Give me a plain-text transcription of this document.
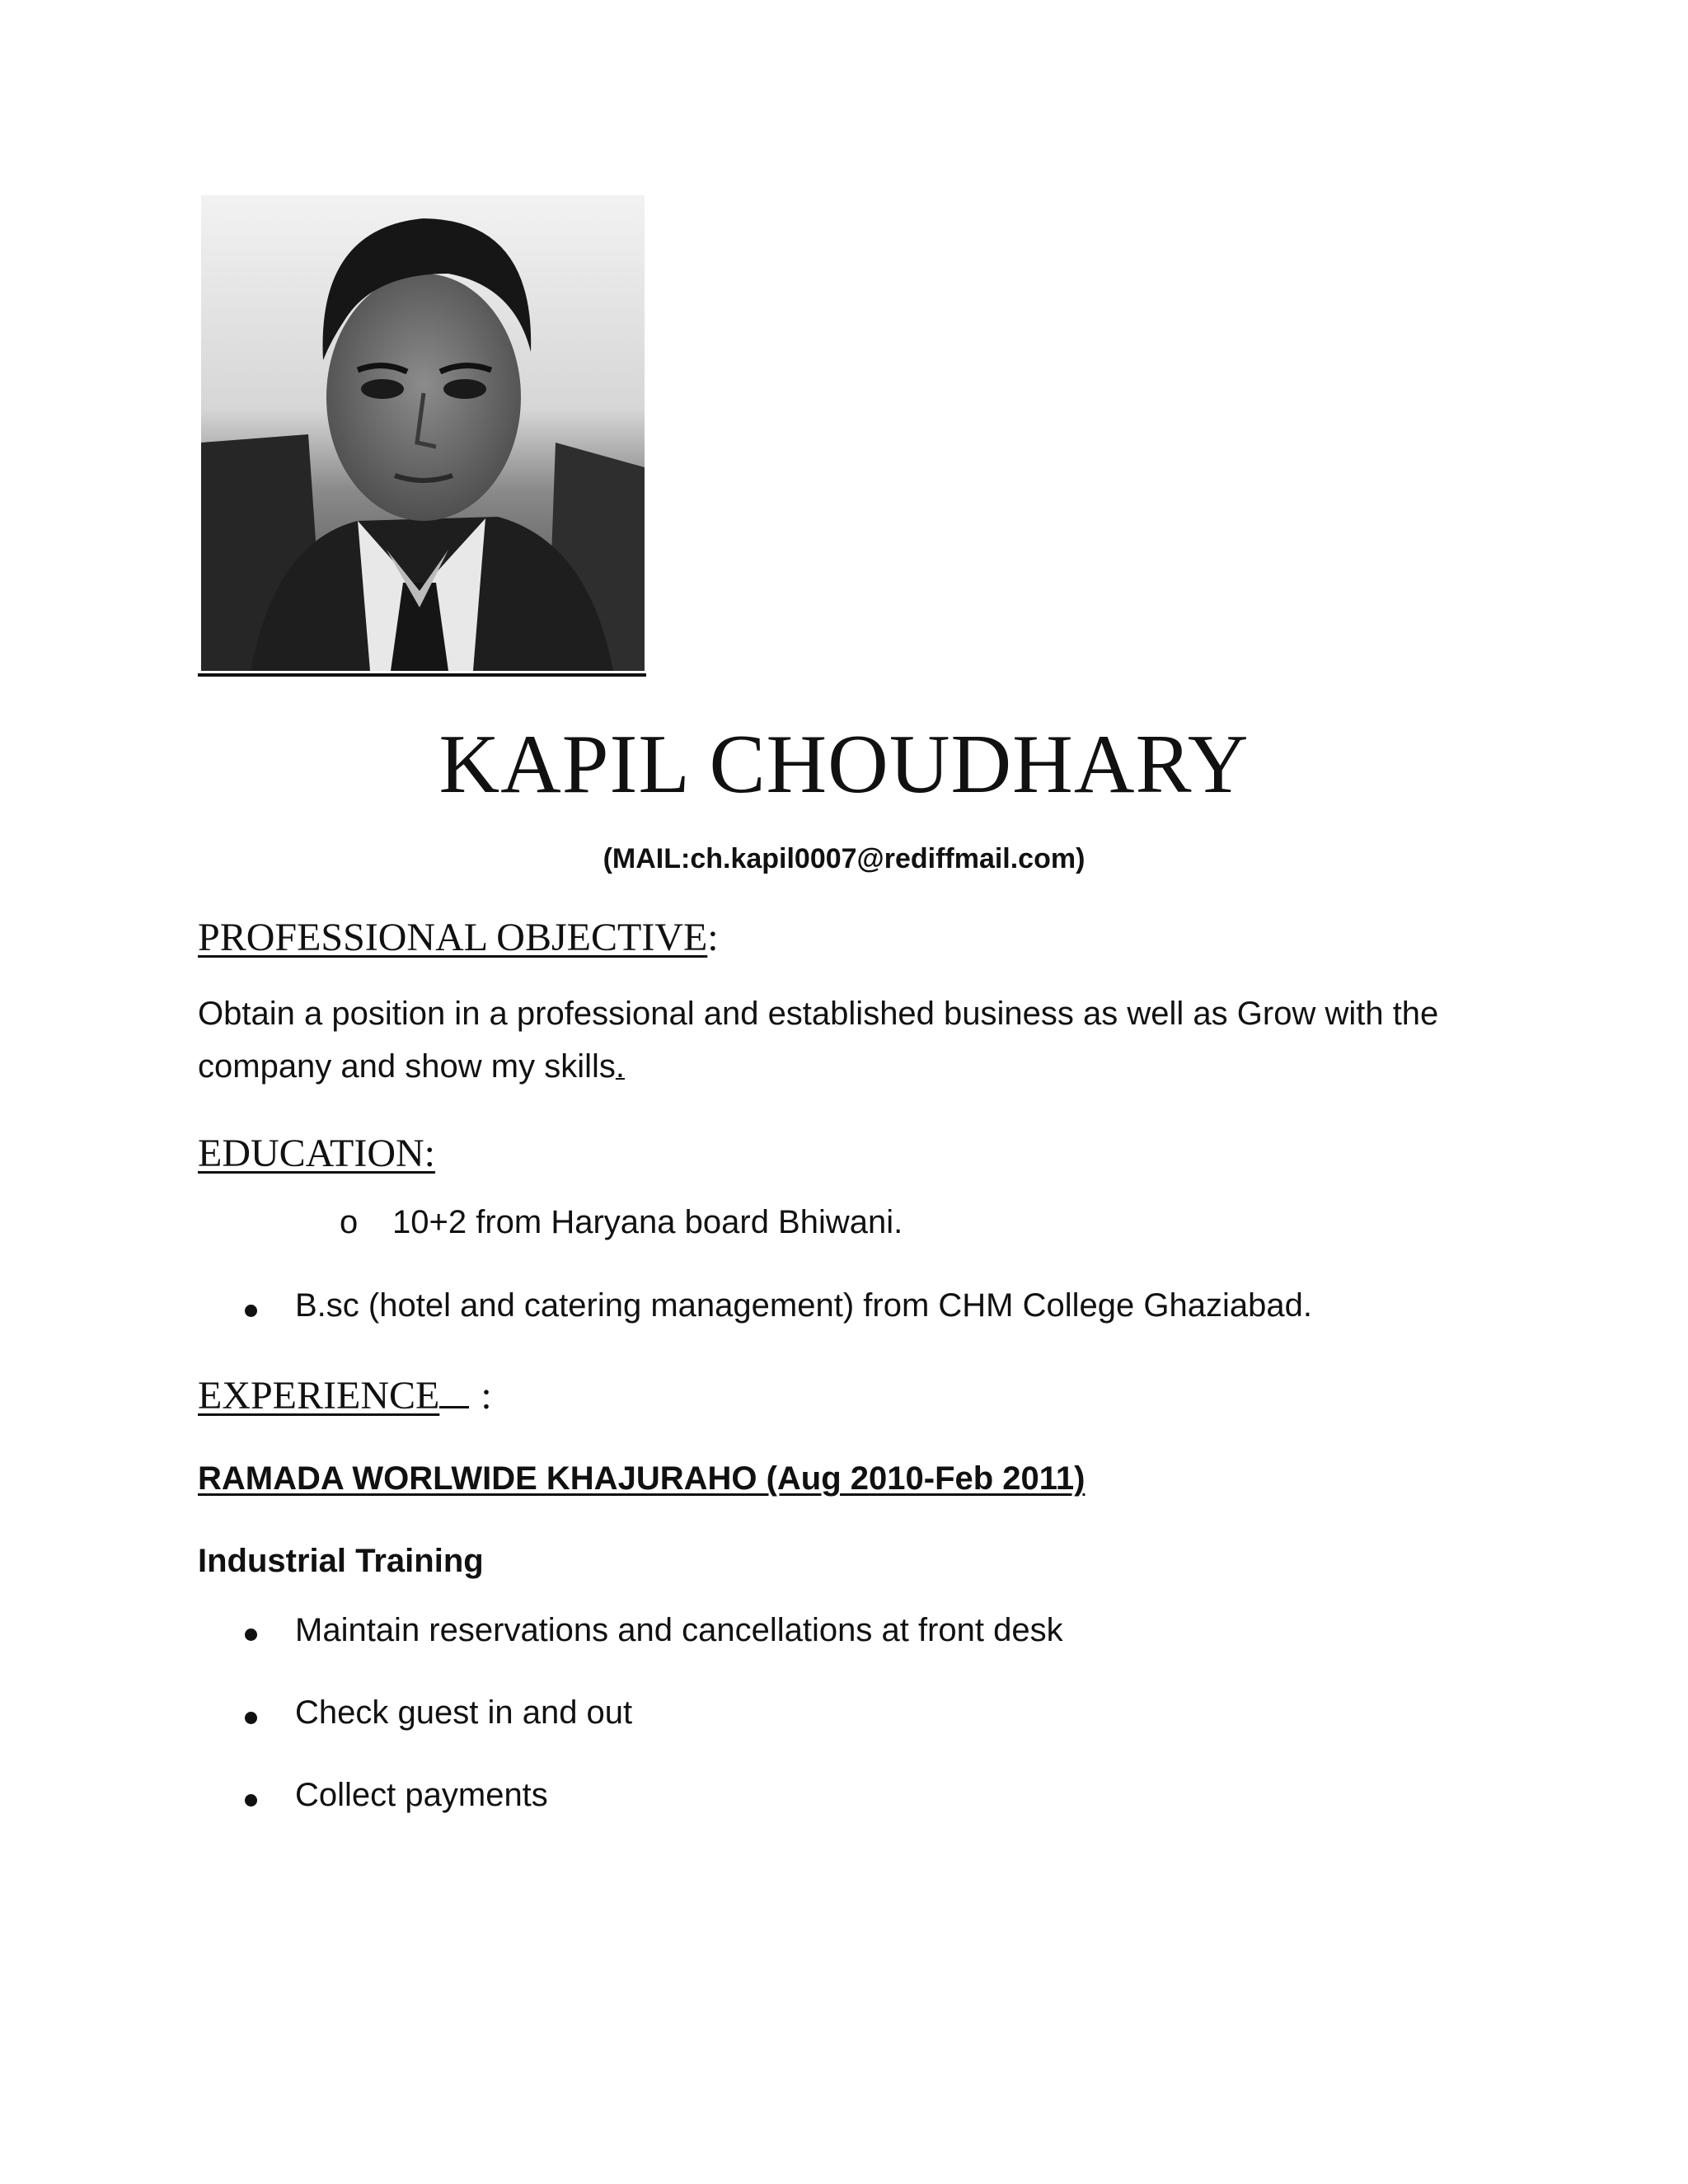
KAPIL CHOUDHARY
(MAIL:ch.kapil0007@rediffmail.com)
PROFESSIONAL OBJECTIVE:
Obtain a position in a professional and established business as well as Grow with the company and show my skills.
EDUCATION:
o 10+2 from Haryana board Bhiwani.
B.sc (hotel and catering management) from CHM College Ghaziabad.
EXPERIENCE :
RAMADA WORLWIDE KHAJURAHO (Aug 2010-Feb 2011)
Industrial Training
Maintain reservations and cancellations at front desk
Check guest in and out
Collect payments
